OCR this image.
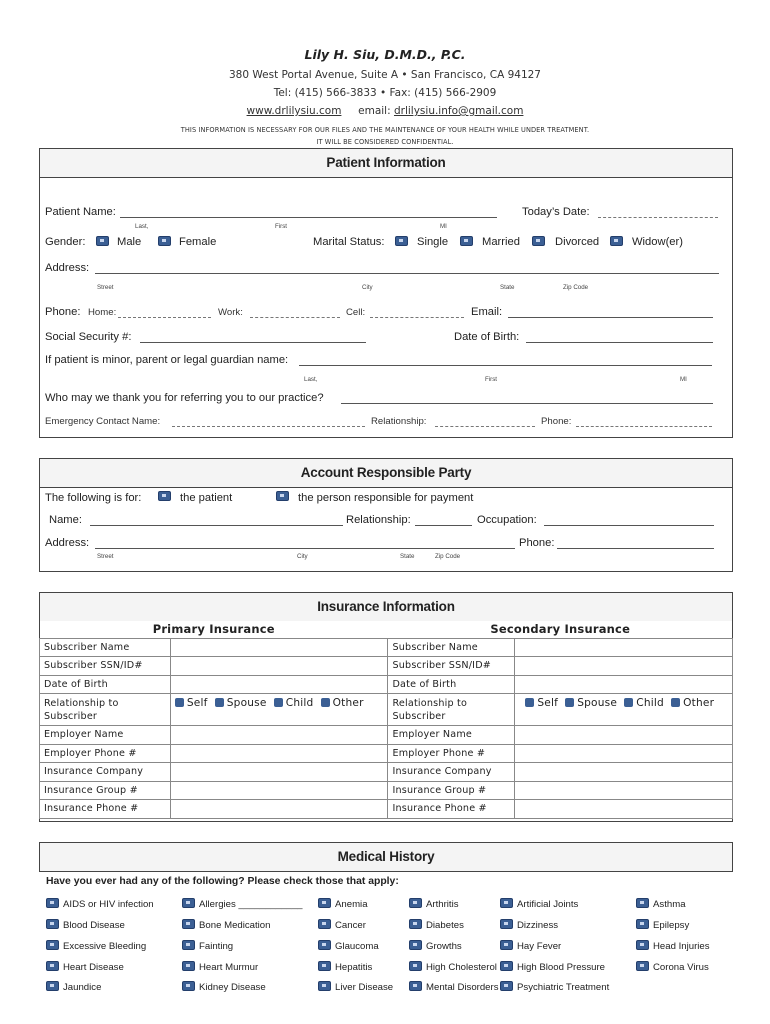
Lily H. Siu, D.M.D., P.C.
380 West Portal Avenue, Suite A • San Francisco, CA 94127
Tel: (415) 566-3833 • Fax: (415) 566-2909
www.drlilysiu.com email: drlilysiu.info@gmail.com
THIS INFORMATION IS NECESSARY FOR OUR FILES AND THE MAINTENANCE OF YOUR HEALTH WHILE UNDER TREATMENT.
IT WILL BE CONSIDERED CONFIDENTIAL.
Patient Information
Patient Name:
Last,	First	MI
Today’s Date:
Gender:	Male	Female	Marital Status:	Single	Married	Divorced	Widow(er)
Address:
Street	City	State	Zip Code
Phone: Home:	Work:	Cell:	Email:
Social Security #:	Date of Birth:
If patient is minor, parent or legal guardian name:
Last,	First	MI
Who may we thank you for referring you to our practice?
Emergency Contact Name:	Relationship:	Phone:
Account Responsible Party
The following is for:	the patient	the person responsible for payment
Name:	Relationship:	Occupation:
Address:	Phone:
Street	City	State	Zip Code
Insurance Information
Primary Insurance		Secondary Insurance	
Subscriber Name		Subscriber Name	
Subscriber SSN/ID#		Subscriber SSN/ID#	
Date of Birth		Date of Birth	
Relationship to Subscriber	Self Spouse Child Other	Relationship to Subscriber	Self Spouse Child Other
Employer Name		Employer Name	
Employer Phone #		Employer Phone #	
Insurance Company		Insurance Company	
Insurance Group #		Insurance Group #	
Insurance Phone #		Insurance Phone #	
Medical History
Have you ever had any of the following? Please check those that apply:
AIDS or HIV infection
Blood Disease
Excessive Bleeding
Heart Disease
Jaundice
Allergies ____________
Bone Medication
Fainting
Heart Murmur
Kidney Disease
Anemia
Cancer
Glaucoma
Hepatitis
Liver Disease
Arthritis
Diabetes
Growths
High Cholesterol
Mental Disorders
Artificial Joints
Dizziness
Hay Fever
High Blood Pressure
Psychiatric Treatment
Asthma
Epilepsy
Head Injuries
Corona Virus
